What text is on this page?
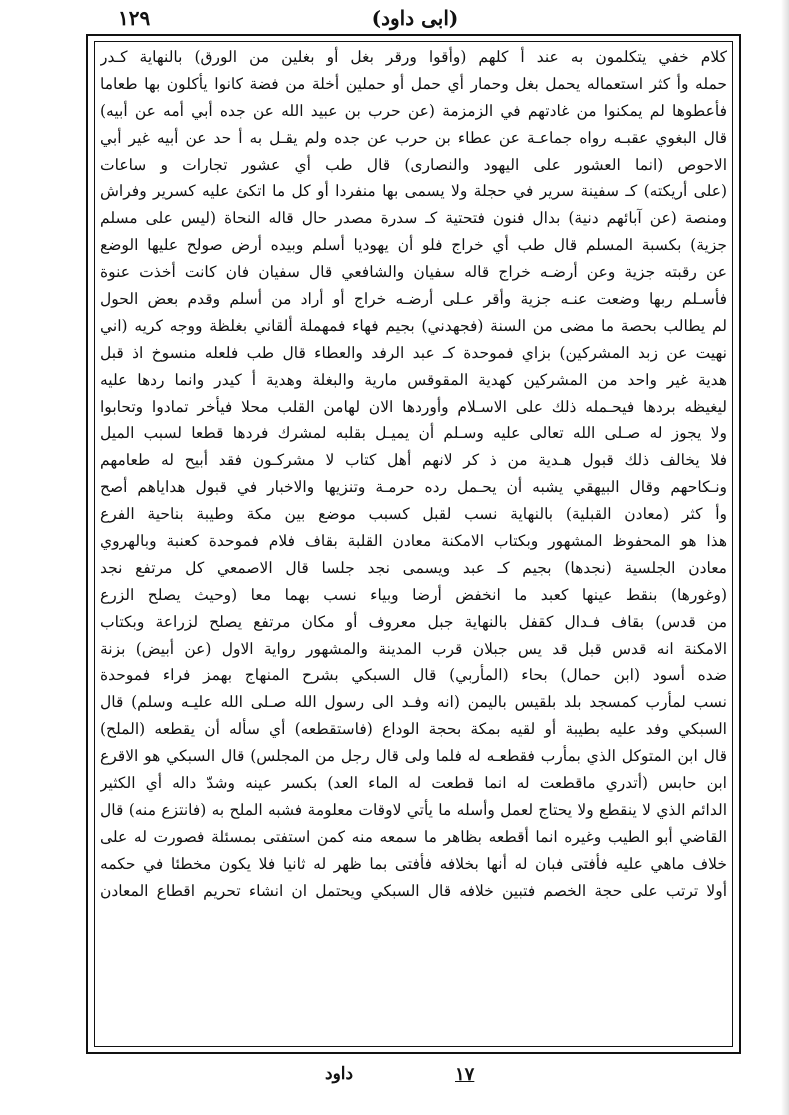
١٢٩	(ابى داود)
كلام خفي يتكلمون به عند أ كلهم (وأقوا ورقر بغل أو بغلين من الورق) بالنهاية كـدر
حمله وأ كثر استعماله يحمل بغل وحمار أي حمل أو حملين أخلة من فضة كانوا يأكلون بها طعاما
فأعطوها لم يمكنوا من غادتهم في الزمزمة (عن حرب بن عبيد الله عن جده أبي أمه عن أبيه)
قال البغوي عقبـه رواه جماعـة عن عطاء بن حرب عن جده ولم يقـل به أ حد عن أبيه غير أبي
الاحوص (انما العشور على اليهود والنصارى) قال طب أي عشور تجارات و ساعات
(على أريكته) كـ سفينة سرير في حجلة ولا يسمى بها منفردا أو كل ما اتكئ عليه كسرير وفراش
ومنصة (عن آبائهم دنية) بدال فنون فتحتية كـ سدرة مصدر حال قاله النحاة (ليس على مسلم
جزية) بكسبة المسلم قال طب أي خراج فلو أن يهوديا أسلم وبيده أرض صولح عليها الوضع
عن رقبته جزية وعن أرضـه خراج قاله سفيان والشافعي قال سفيان فان كانت أخذت عنوة
فأسـلم ربها وضعت عنـه جزية وأقر عـلى أرضـه خراج أو أراد من أسلم وقدم بعض الحول
لم يطالب بحصة ما مضى من السنة (فجهدني) بجيم فهاء فمهملة ألقاني بغلظة ووجه كريه (اني
نهيت عن زبد المشركين) بزاي فموحدة كـ عبد الرفد والعطاء قال طب فلعله منسوخ اذ قبل
هدية غير واحد من المشركين كهدية المقوقس مارية والبغلة وهدية أ كيدر وانما ردها عليه
ليغيظه بردها فيحـمله ذلك على الاسـلام وأوردها الان لهامن القلب محلا فيأخر تمادوا وتحابوا
ولا يجوز له صـلى الله تعالى عليه وسـلم أن يميـل بقلبه لمشرك فردها قطعا لسبب الميل
فلا يخالف ذلك قبول هـدية من ذ كر لانهم أهل كتاب لا مشركـون فقد أبيح له طعامهم
ونـكاحهم وقال البيهقي يشبه أن يحـمل رده حرمـة وتنزيها والاخبار في قبول هداياهم أصح
وأ كثر (معادن القبلية) بالنهاية نسب لقبل كسبب موضع بين مكة وطيبة بناحية الفرع
هذا هو المحفوظ المشهور وبكتاب الامكنة معادن القلبة بقاف فلام فموحدة كعنبة وبالهروي
معادن الجلسية (نجدها) بجيم كـ عبد ويسمى نجد جلسا قال الاصمعي كل مرتفع نجد
(وغورها) بنقط عينها كعبد ما انخفض أرضا وبياء نسب بهما معا (وحيث يصلح الزرع
من قدس) بقاف فـدال كقفل بالنهاية جبل معروف أو مكان مرتفع يصلح لزراعة وبكتاب
الامكنة انه قدس قبل قد يس جبلان قرب المدينة والمشهور رواية الاول (عن أبيض) بزنة
ضده أسود (ابن حمال) بحاء (المأربي) قال السبكي بشرح المنهاج بهمز فراء فموحدة
نسب لمأرب كمسجد بلد بلقيس باليمن (انه وفـد الى رسول الله صـلى الله عليـه وسلم) قال
السبكي وفد عليه بطيبة أو لقيه بمكة بحجة الوداع (فاستقطعه) أي سأله أن يقطعه (الملح)
قال ابن المتوكل الذي بمأرب فقطعـه له فلما ولى قال رجل من المجلس) قال السبكي هو الاقرع
ابن حابس (أتدري ماقطعت له انما قطعت له الماء العد) بكسر عينه وشدّ داله أي الكثير
الدائم الذي لا ينقطع ولا يحتاج لعمل وأسله ما يأتي لاوقات معلومة فشبه الملح به (فانتزع منه) قال
القاضي أبو الطيب وغيره انما أقطعه بظاهر ما سمعه منه كمن استفتى بمسئلة فصورت له على
خلاف ماهي عليه فأفتى فبان له أنها بخلافه فأفتى بما ظهر له ثانيا فلا يكون مخطئا في حكمه
أولا ترتب على حجة الخصم فتبين خلافه قال السبكي ويحتمل ان انشاء تحريم اقطاع المعادن
داود	١٧
